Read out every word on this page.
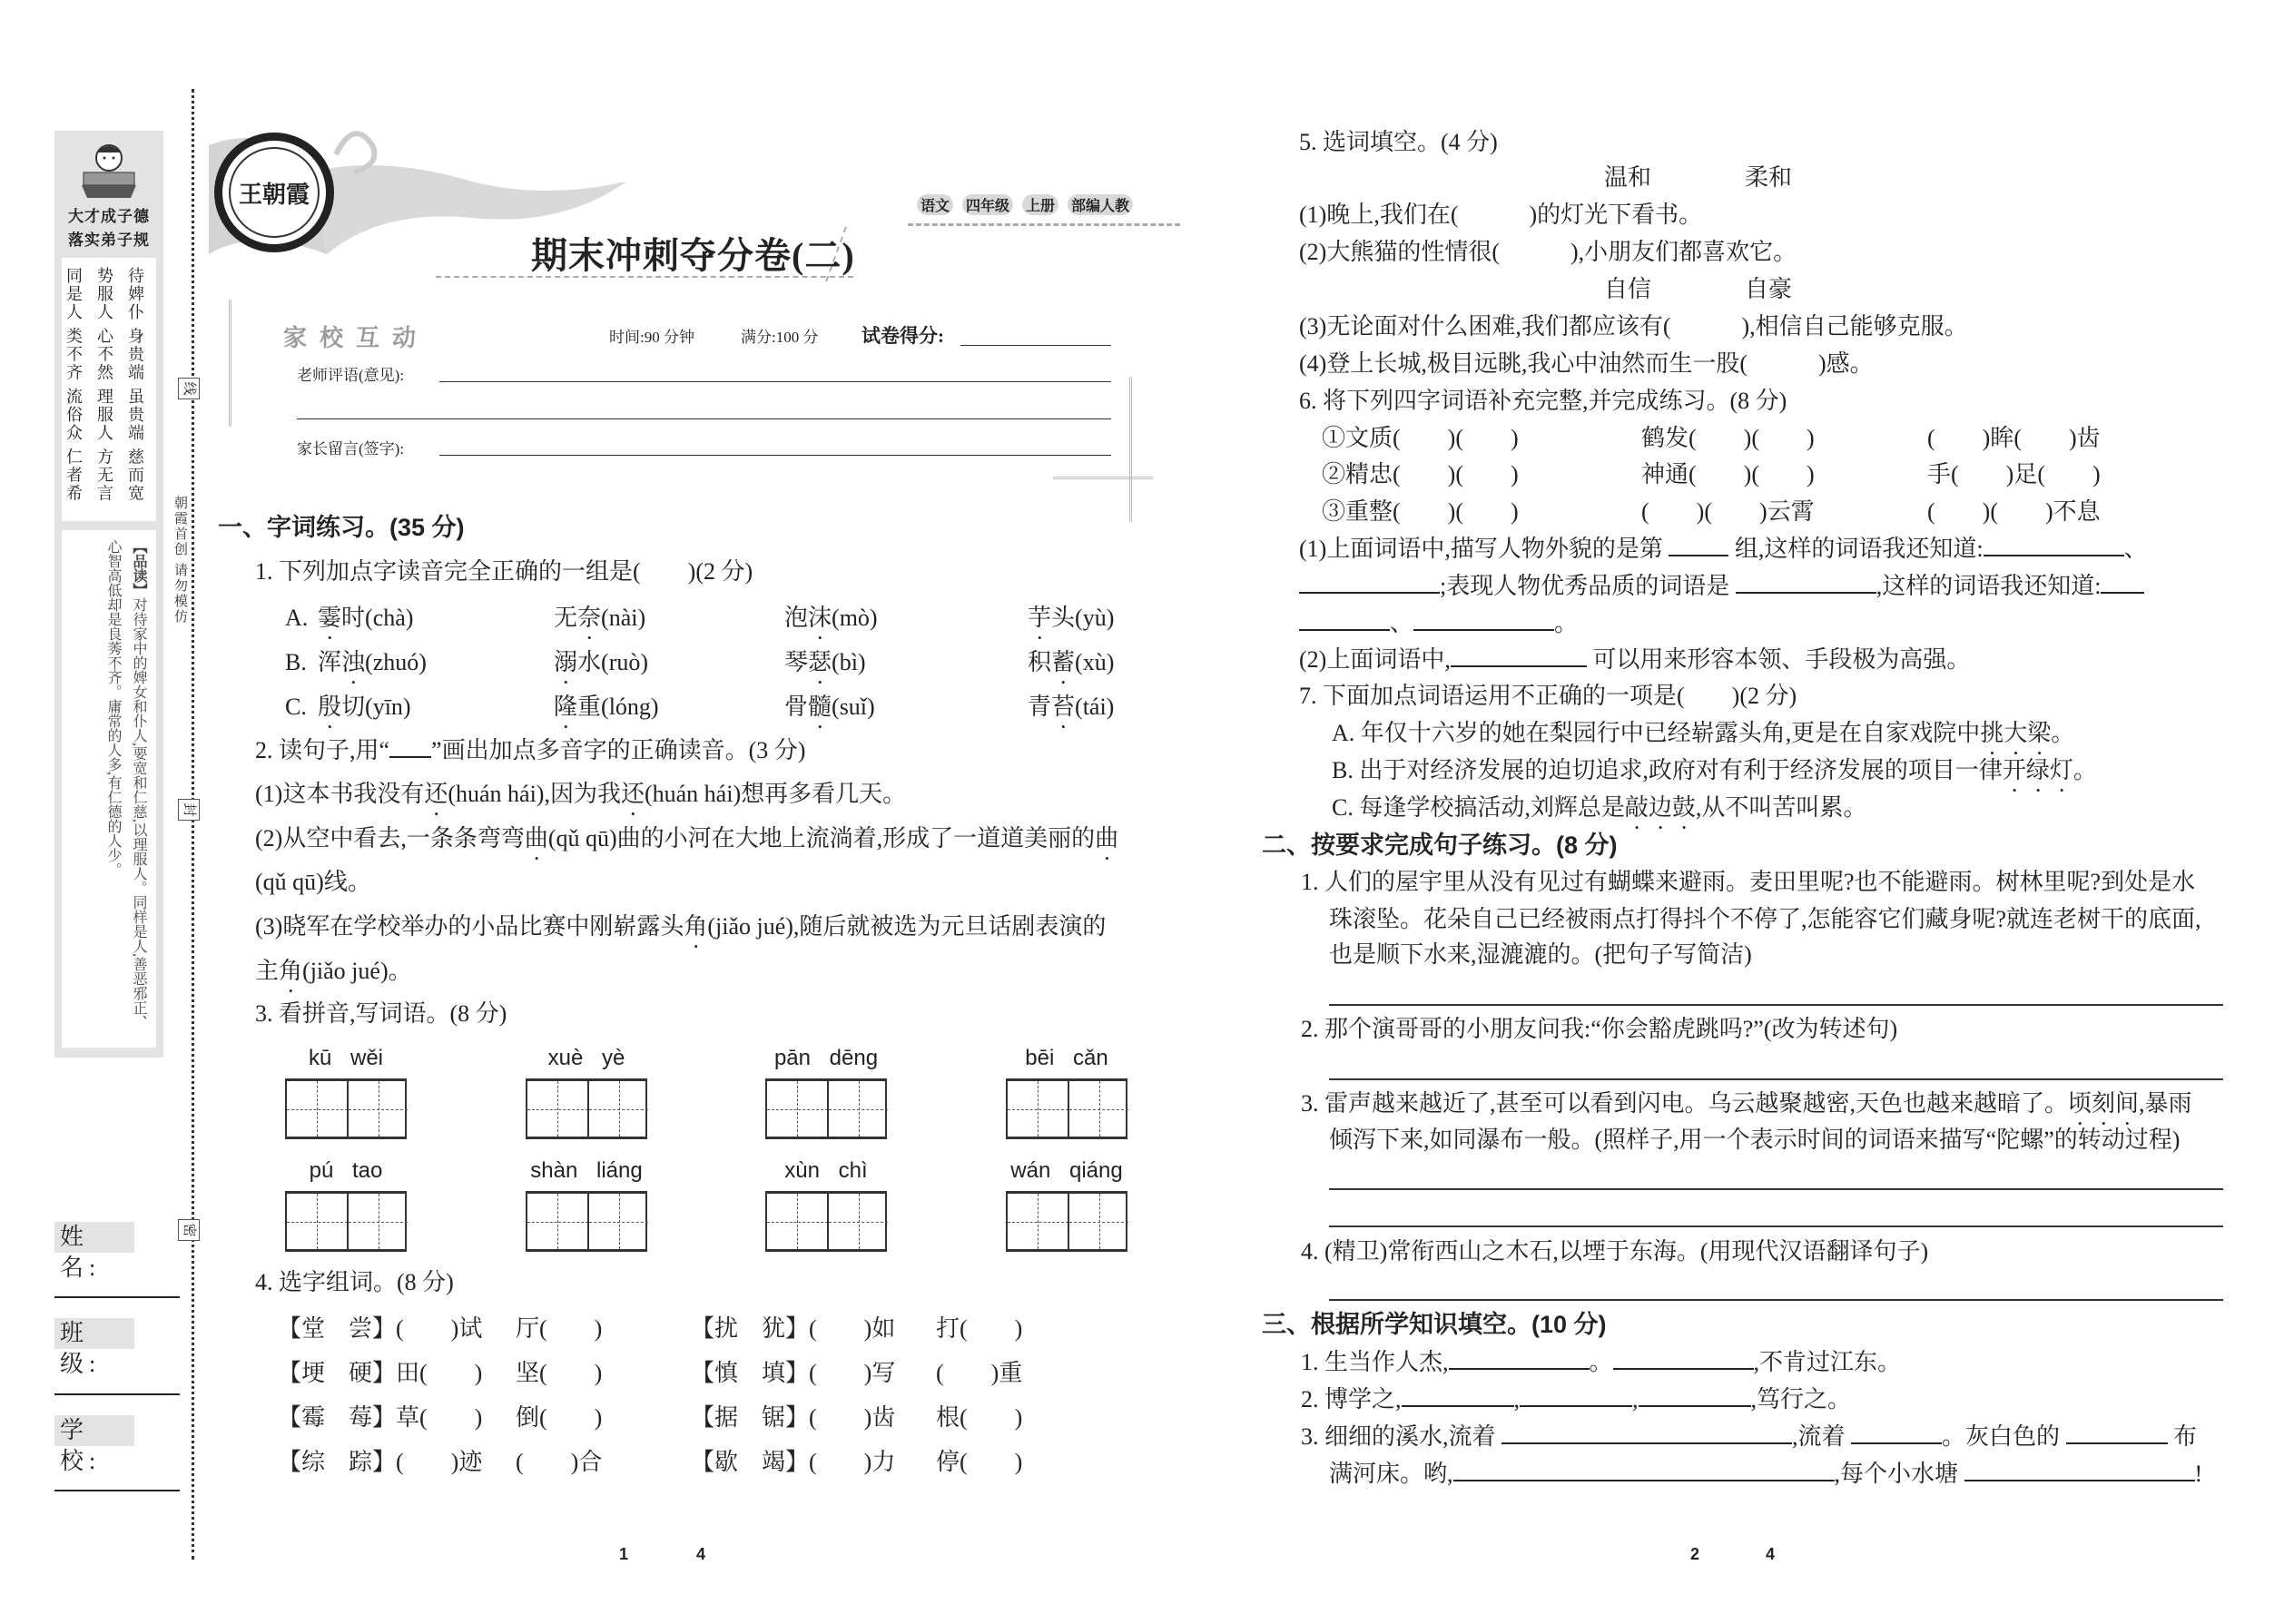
大才成子德
落实弟子规
待婢仆 身贵端 虽贵端 慈而宽 势服人 心不然 理服人 方无言 同是人 类不齐 流俗众 仁者希
【品读】对待家中的婢女和仆人,要宽和仁慈,以理服人。同样是人,善恶邪正、心智高低却是良莠不齐。庸常的人多,有仁德的人少。
线
封
密
朝霞首创 请勿模仿
姓 名:
班 级:
学 校:
王朝霞	语文 四年级 上册 部编人教
期末冲刺夺分卷(二)
家校互动	时间:90 分钟	满分:100 分 试卷得分:
老师评语(意见):
家长留言(签字):
一、字词练习。(35 分)
1. 下列加点字读音完全正确的一组是(　　)(2 分)
A. 霎时(chà)	无奈(nài)	泡沫(mò)	芋头(yù)
B. 浑浊(zhuó)	溺水(ruò)	琴瑟(bì)	积蓄(xù)
C. 殷切(yīn)	隆重(lóng)	骨髓(suǐ)	青苔(tái)
2. 读句子,用“ ”画出加点多音字的正确读音。(3 分)
(1)这本书我没有还(huán hái),因为我还(huán hái)想再多看几天。
(2)从空中看去,一条条弯弯曲(qǔ qū)曲的小河在大地上流淌着,形成了一道道美丽的曲
(qǔ qū)线。
(3)晓军在学校举办的小品比赛中刚崭露头角(jiǎo jué),随后就被选为元旦话剧表演的
主角(jiǎo jué)。
3. 看拼音,写词语。(8 分)
kū wěi	xuè yè	pān dēng	bēi cǎn
pú tao	shàn liáng	xùn chì	wán qiáng
4. 选字组词。(8 分)
【堂　尝】(　　)试 厅(　　)	【扰　犹】(　　)如 打(　　)
【埂　硬】田(　　) 坚(　　)	【慎　填】(　　)写 (　　)重
【霉　莓】草(　　) 倒(　　)	【据　锯】(　　)齿 根(　　)
【综　踪】(　　)迹 (　　)合	【歇　竭】(　　)力 停(　　)
1	4
5. 选词填空。(4 分)
温和	柔和
(1)晚上,我们在(　　　)的灯光下看书。
(2)大熊猫的性情很(　　　),小朋友们都喜欢它。
自信	自豪
(3)无论面对什么困难,我们都应该有(　　　),相信自己能够克服。
(4)登上长城,极目远眺,我心中油然而生一股(　　　)感。
6. 将下列四字词语补充完整,并完成练习。(8 分)
①文质(　　)(　　)	鹤发(　　)(　　)	(　　)眸(　　)齿
②精忠(　　)(　　)	神通(　　)(　　)	手(　　)足(　　)
③重整(　　)(　　)	(　　)(　　)云霄	(　　)(　　)不息
(1)上面词语中,描写人物外貌的是第	组,这样的词语我还知道:	、
;表现人物优秀品质的词语是	,这样的词语我还知道:
、	。
(2)上面词语中,	可以用来形容本领、手段极为高强。
7. 下面加点词语运用不正确的一项是(　　)(2 分)
A. 年仅十六岁的她在梨园行中已经崭露头角,更是在自家戏院中挑大梁。
B. 出于对经济发展的迫切追求,政府对有利于经济发展的项目一律开绿灯。
C. 每逢学校搞活动,刘辉总是敲边鼓,从不叫苦叫累。
二、按要求完成句子练习。(8 分)
1. 人们的屋宇里从没有见过有蝴蝶来避雨。麦田里呢?也不能避雨。树林里呢?到处是水
珠滚坠。花朵自己已经被雨点打得抖个不停了,怎能容它们藏身呢?就连老树干的底面,
也是顺下水来,湿漉漉的。(把句子写简洁)
2. 那个演哥哥的小朋友问我:“你会豁虎跳吗?”(改为转述句)
3. 雷声越来越近了,甚至可以看到闪电。乌云越聚越密,天色也越来越暗了。顷刻间,暴雨
倾泻下来,如同瀑布一般。(照样子,用一个表示时间的词语来描写“陀螺”的转动过程)
4. (精卫)常衔西山之木石,以堙于东海。(用现代汉语翻译句子)
三、根据所学知识填空。(10 分)
1. 生当作人杰,	。	,不肯过江东。
2. 博学之,	,	,	,笃行之。
3. 细细的溪水,流着	,流着	。灰白色的	布
满河床。哟,	,每个小水塘	!
2	4
